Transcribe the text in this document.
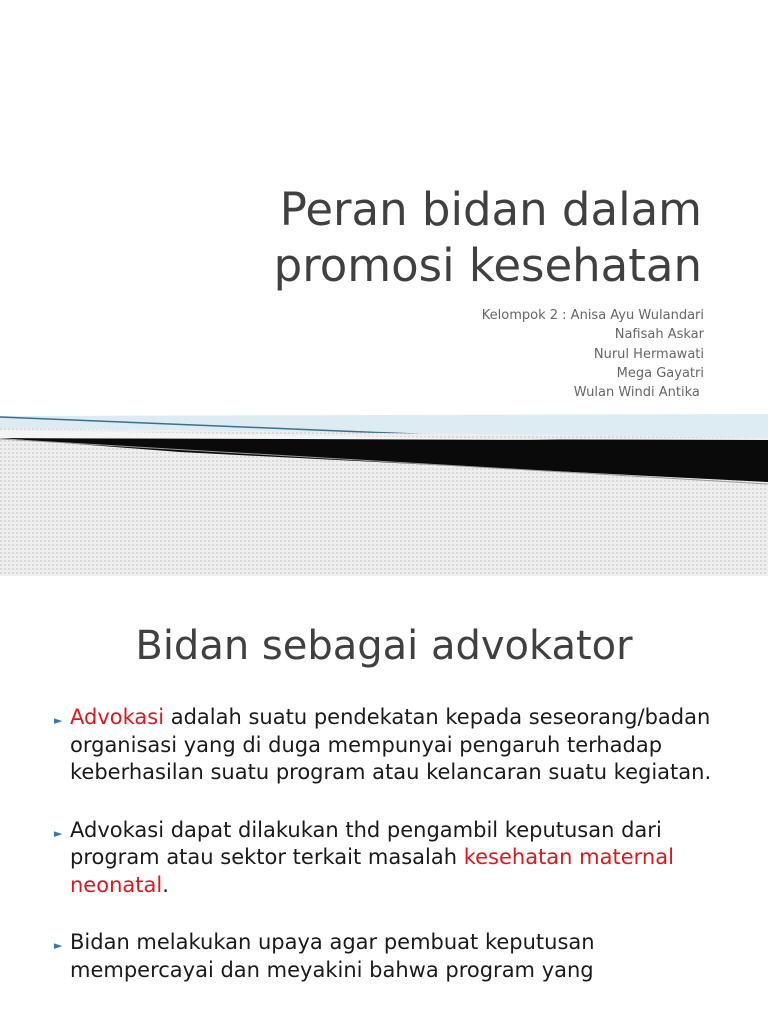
Peran bidan dalam
promosi kesehatan
Kelompok 2 : Anisa Ayu Wulandari
Nafisah Askar
Nurul Hermawati
Mega Gayatri
Wulan Windi Antika
Bidan sebagai advokator
► Advokasi adalah suatu pendekatan kepada seseorang/badan organisasi yang di duga mempunyai pengaruh terhadap keberhasilan suatu program atau kelancaran suatu kegiatan.
► Advokasi dapat dilakukan thd pengambil keputusan dari program atau sektor terkait masalah kesehatan maternal neonatal.
► Bidan melakukan upaya agar pembuat keputusan mempercayai dan meyakini bahwa program yang
